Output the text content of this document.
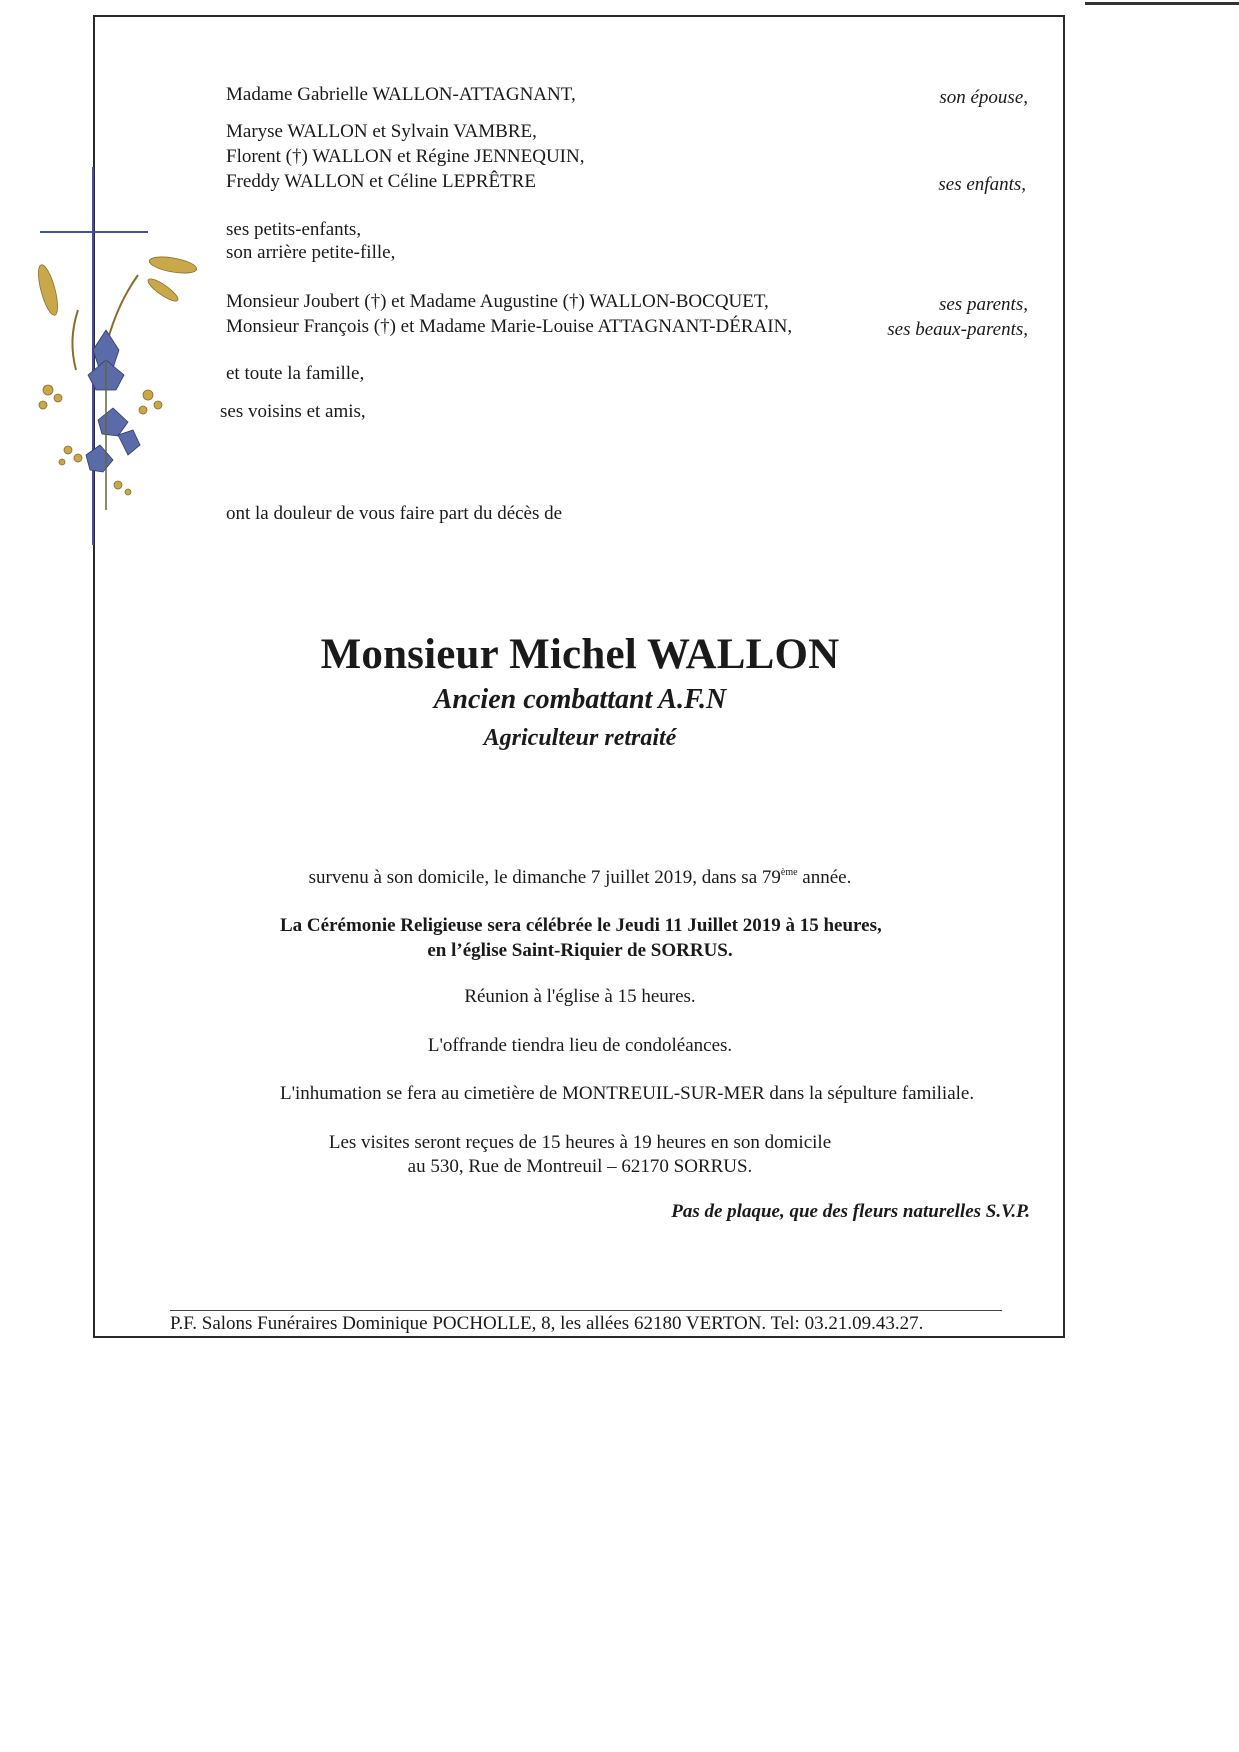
Madame Gabrielle WALLON-ATTAGNANT,	son épouse,
Maryse WALLON et Sylvain VAMBRE,
Florent (†) WALLON et Régine JENNEQUIN,
Freddy WALLON et Céline LEPRÊTRE	ses enfants,
ses petits-enfants,
son arrière petite-fille,
Monsieur Joubert (†) et Madame Augustine (†) WALLON-BOCQUET,
Monsieur François (†) et Madame Marie-Louise ATTAGNANT-DÉRAIN,
ses parents,
ses beaux-parents,
et toute la famille,
ses voisins et amis,
ont la douleur de vous faire part du décès de
Monsieur Michel WALLON
Ancien combattant A.F.N
Agriculteur retraité
survenu à son domicile, le dimanche 7 juillet 2019, dans sa 79ème année.
La Cérémonie Religieuse sera célébrée le Jeudi 11 Juillet 2019 à 15 heures,
en l’église Saint-Riquier de SORRUS.
Réunion à l'église à 15 heures.
L'offrande tiendra lieu de condoléances.
L'inhumation se fera au cimetière de MONTREUIL-SUR-MER dans la sépulture familiale.
Les visites seront reçues de 15 heures à 19 heures en son domicile
au 530, Rue de Montreuil – 62170 SORRUS.
Pas de plaque, que des fleurs naturelles S.V.P.
P.F. Salons Funéraires Dominique POCHOLLE, 8, les allées 62180 VERTON. Tel: 03.21.09.43.27.
